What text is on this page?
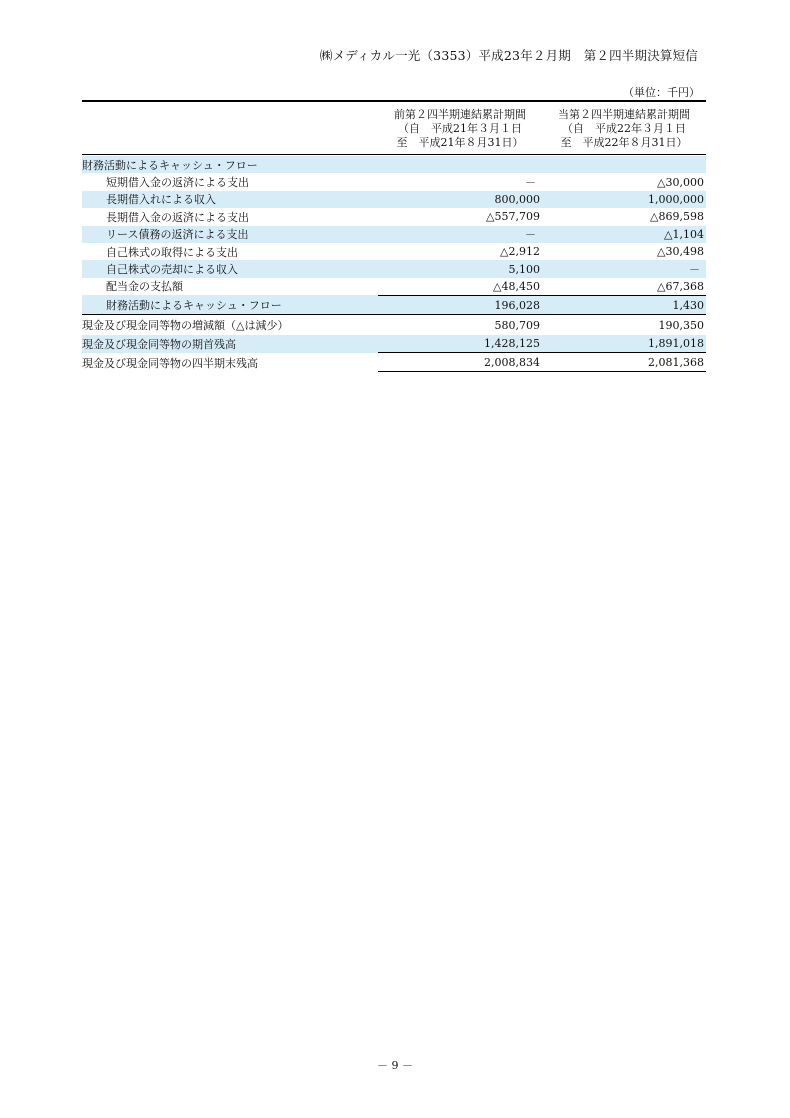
㈱メディカル一光（3353）平成23年２月期　第２四半期決算短信
（単位：千円）
前第２四半期連結累計期間
（自　平成21年３月１日
至　平成21年８月31日）
当第２四半期連結累計期間
（自　平成22年３月１日
至　平成22年８月31日）
財務活動によるキャッシュ・フロー
短期借入金の返済による支出	－	△30,000
長期借入れによる収入	800,000	1,000,000
長期借入金の返済による支出	△557,709	△869,598
リース債務の返済による支出	－	△1,104
自己株式の取得による支出	△2,912	△30,498
自己株式の売却による収入	5,100	－
配当金の支払額	△48,450	△67,368
財務活動によるキャッシュ・フロー	196,028	1,430
現金及び現金同等物の増減額（△は減少）	580,709	190,350
現金及び現金同等物の期首残高	1,428,125	1,891,018
現金及び現金同等物の四半期末残高	2,008,834	2,081,368
－ 9 －
